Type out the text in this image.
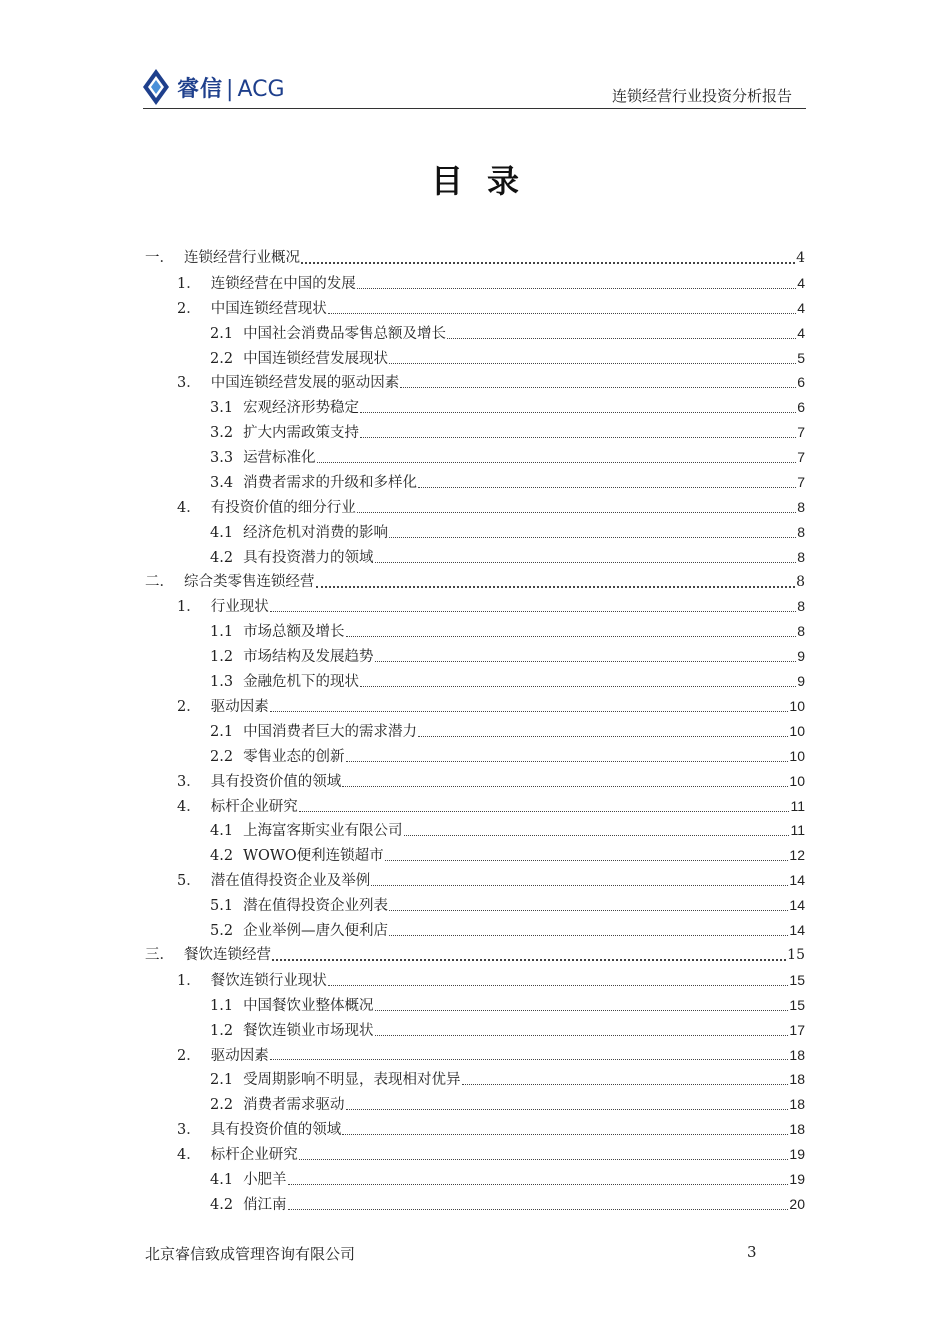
睿信 | ACG	连锁经营行业投资分析报告
目录
一． 连锁经营行业概况	4
1． 连锁经营在中国的发展	4
2． 中国连锁经营现状	4
2.1 中国社会消费品零售总额及增长	4
2.2 中国连锁经营发展现状	5
3． 中国连锁经营发展的驱动因素	6
3.1 宏观经济形势稳定	6
3.2 扩大内需政策支持	7
3.3 运营标准化	7
3.4 消费者需求的升级和多样化	7
4． 有投资价值的细分行业	8
4.1 经济危机对消费的影响	8
4.2 具有投资潜力的领域	8
二． 综合类零售连锁经营	8
1． 行业现状	8
1.1 市场总额及增长	8
1.2 市场结构及发展趋势	9
1.3 金融危机下的现状	9
2． 驱动因素	10
2.1 中国消费者巨大的需求潜力	10
2.2 零售业态的创新	10
3． 具有投资价值的领域	10
4． 标杆企业研究	11
4.1 上海富客斯实业有限公司	11
4.2 WOWO便利连锁超市	12
5． 潜在值得投资企业及举例	14
5.1 潜在值得投资企业列表	14
5.2 企业举例—唐久便利店	14
三． 餐饮连锁经营	15
1． 餐饮连锁行业现状	15
1.1 中国餐饮业整体概况	15
1.2 餐饮连锁业市场现状	17
2． 驱动因素	18
2.1 受周期影响不明显，表现相对优异	18
2.2 消费者需求驱动	18
3． 具有投资价值的领域	18
4． 标杆企业研究	19
4.1 小肥羊	19
4.2 俏江南	20
北京睿信致成管理咨询有限公司	3
